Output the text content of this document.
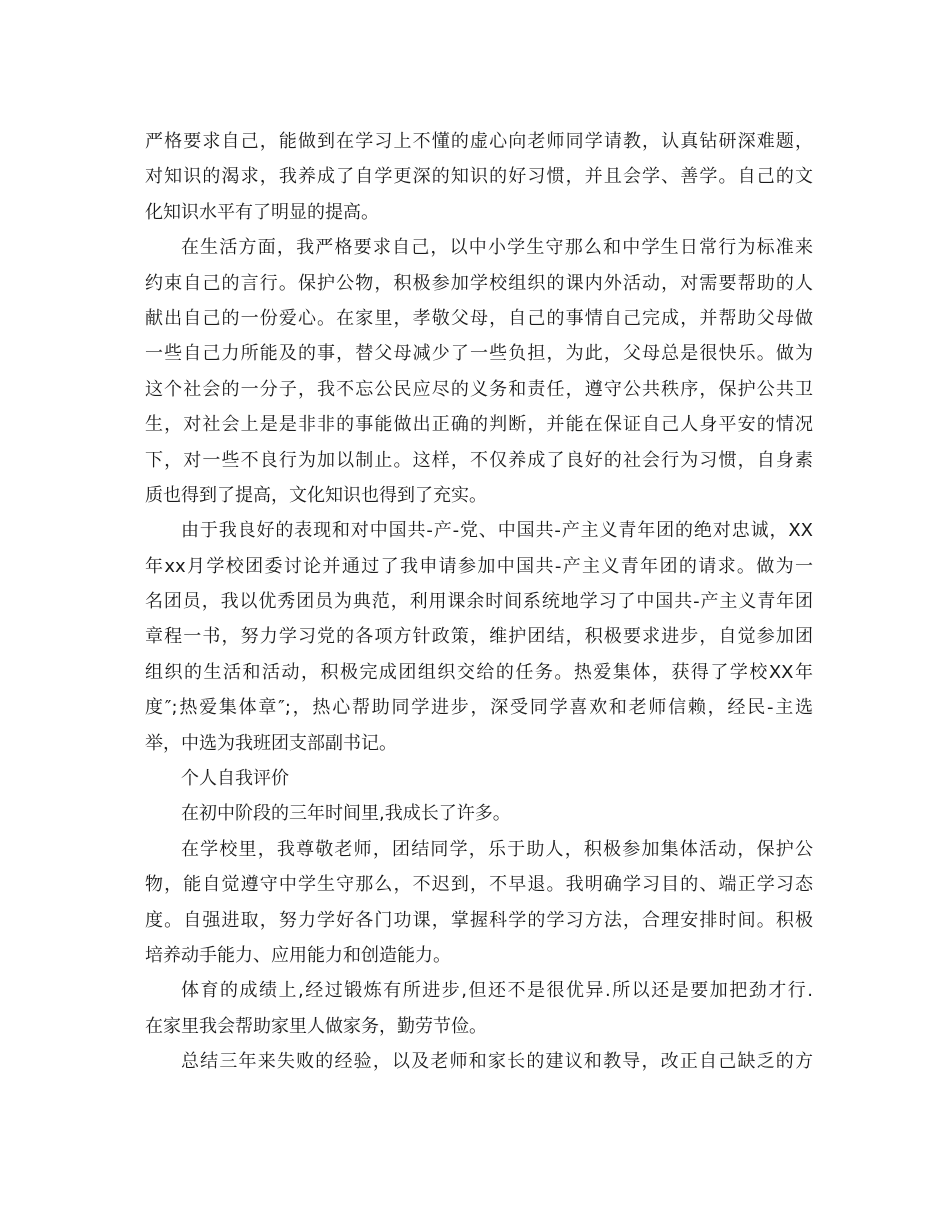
严格要求自己，能做到在学习上不懂的虚心向老师同学请教，认真钻研深难题，
对知识的渴求，我养成了自学更深的知识的好习惯，并且会学、善学。自己的文
化知识水平有了明显的提高。
在生活方面，我严格要求自己，以中小学生守那么和中学生日常行为标准来
约束自己的言行。保护公物，积极参加学校组织的课内外活动，对需要帮助的人
献出自己的一份爱心。在家里，孝敬父母，自己的事情自己完成，并帮助父母做
一些自己力所能及的事，替父母减少了一些负担，为此，父母总是很快乐。做为
这个社会的一分子，我不忘公民应尽的义务和责任，遵守公共秩序，保护公共卫
生，对社会上是是非非的事能做出正确的判断，并能在保证自己人身平安的情况
下，对一些不良行为加以制止。这样，不仅养成了良好的社会行为习惯，自身素
质也得到了提高，文化知识也得到了充实。
由于我良好的表现和对中国共-产-党、中国共-产主义青年团的绝对忠诚，XX
年xx月学校团委讨论并通过了我申请参加中国共-产主义青年团的请求。做为一
名团员，我以优秀团员为典范，利用课余时间系统地学习了中国共-产主义青年团
章程一书，努力学习党的各项方针政策，维护团结，积极要求进步，自觉参加团
组织的生活和活动，积极完成团组织交给的任务。热爱集体，获得了学校XX年
度″;热爱集体章″;，热心帮助同学进步，深受同学喜欢和老师信赖，经民-主选
举，中选为我班团支部副书记。
个人自我评价
在初中阶段的三年时间里,我成长了许多。
在学校里，我尊敬老师，团结同学，乐于助人，积极参加集体活动，保护公
物，能自觉遵守中学生守那么，不迟到，不早退。我明确学习目的、端正学习态
度。自强进取，努力学好各门功课，掌握科学的学习方法，合理安排时间。积极
培养动手能力、应用能力和创造能力。
体育的成绩上,经过锻炼有所进步,但还不是很优异.所以还是要加把劲才行.
在家里我会帮助家里人做家务，勤劳节俭。
总结三年来失败的经验，以及老师和家长的建议和教导，改正自己缺乏的方
